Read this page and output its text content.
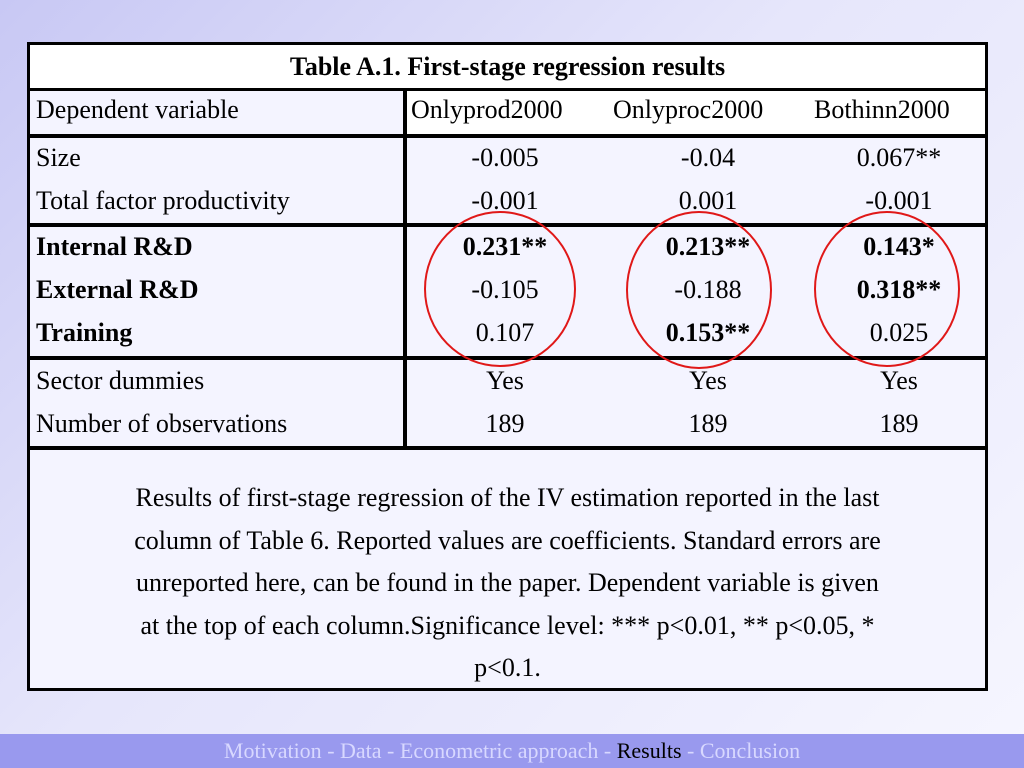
Table A.1. First-stage regression results
Dependent variable	Onlyprod2000 Onlyproc2000 Bothinn2000
Size	-0.005	-0.04	0.067**
Total factor productivity	-0.001	0.001	-0.001
Internal R&D	0.231**	0.213**	0.143*
External R&D	-0.105	-0.188	0.318**
Training	0.107	0.153**	0.025
Sector dummies	Yes	Yes	Yes
Number of observations	189	189	189
Results of first-stage regression of the IV estimation reported in the last
column of Table 6. Reported values are coefficients. Standard errors are
unreported here, can be found in the paper. Dependent variable is given
at the top of each column.Significance level: *** p<0.01, ** p<0.05, *
p<0.1.
Motivation - Data - Econometric approach - Results - Conclusion
